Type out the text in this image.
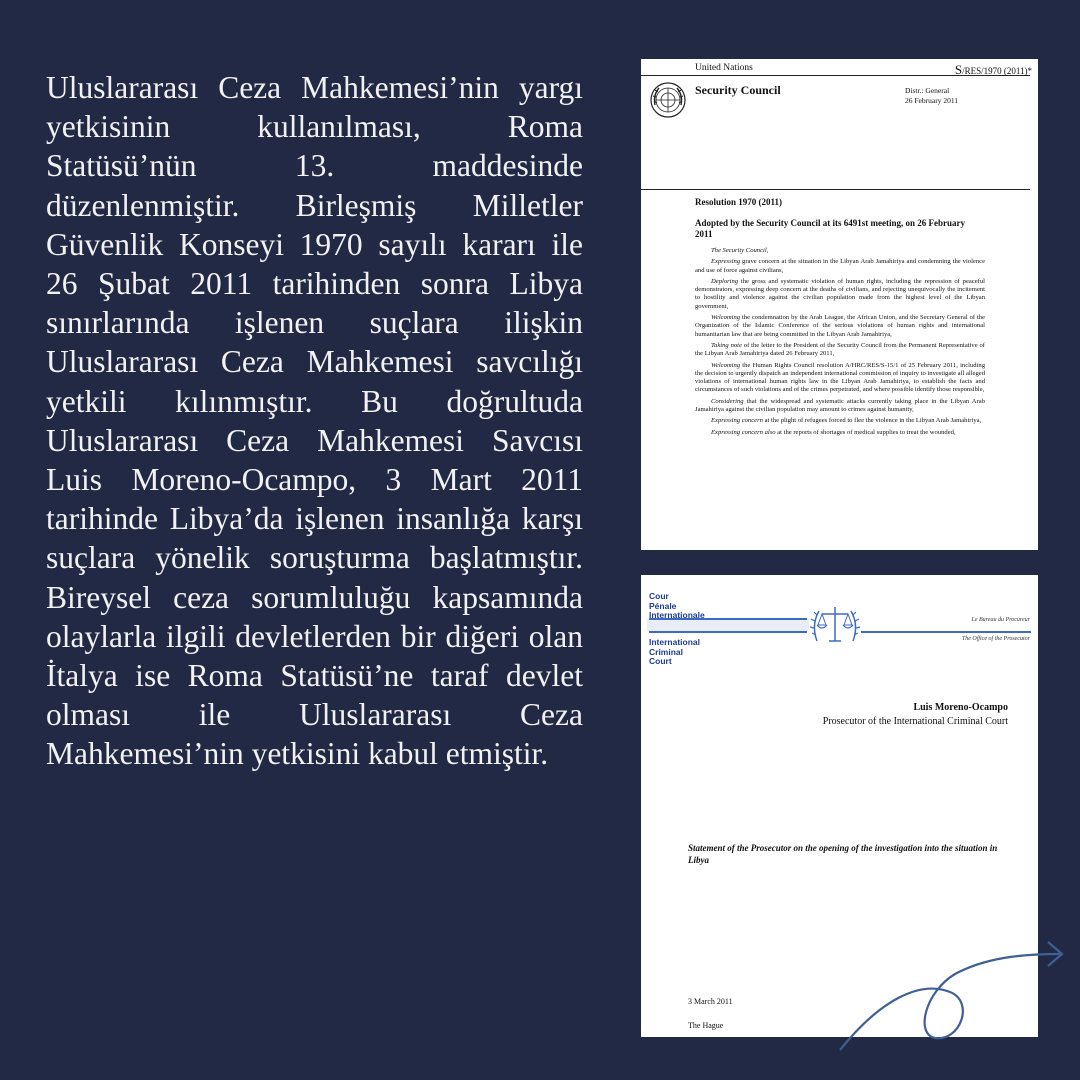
Uluslararası Ceza Mahkemesi’nin yargı yetkisinin kullanılması, Roma Statüsü’nün 13. maddesinde düzenlenmiştir. Birleşmiş Milletler Güvenlik Konseyi 1970 sayılı kararı ile 26 Şubat 2011 tarihinden sonra Libya sınırlarında işlenen suçlara ilişkin Uluslararası Ceza Mahkemesi savcılığı yetkili kılınmıştır. Bu doğrultuda Uluslararası Ceza Mahkemesi Savcısı Luis Moreno-Ocampo, 3 Mart 2011 tarihinde Libya’da işlenen insanlığa karşı suçlara yönelik soruşturma başlatmıştır. Bireysel ceza sorumluluğu kapsamında olaylarla ilgili devletlerden bir diğeri olan İtalya ise Roma Statüsü’ne taraf devlet olması ile Uluslararası Ceza Mahkemesi’nin yetkisini kabul etmiştir.

United Nations	S/RES/1970 (2011)*
Security Council	Distr.: General
26 February 2011
Resolution 1970 (2011)
Adopted by the Security Council at its 6491st meeting, on 26 February 2011

The Security Council,

Expressing grave concern at the situation in the Libyan Arab Jamahiriya and condemning the violence and use of force against civilians,

Deploring the gross and systematic violation of human rights, including the repression of peaceful demonstrators, expressing deep concern at the deaths of civilians, and rejecting unequivocally the incitement to hostility and violence against the civilian population made from the highest level of the Libyan government,

Welcoming the condemnation by the Arab League, the African Union, and the Secretary General of the Organization of the Islamic Conference of the serious violations of human rights and international humanitarian law that are being committed in the Libyan Arab Jamahiriya,

Taking note of the letter to the President of the Security Council from the Permanent Representative of the Libyan Arab Jamahiriya dated 26 February 2011,

Welcoming the Human Rights Council resolution A/HRC/RES/S-15/1 of 25 February 2011, including the decision to urgently dispatch an independent international commission of inquiry to investigate all alleged violations of international human rights law in the Libyan Arab Jamahiriya, to establish the facts and circumstances of such violations and of the crimes perpetrated, and where possible identify those responsible,

Considering that the widespread and systematic attacks currently taking place in the Libyan Arab Jamahiriya against the civilian population may amount to crimes against humanity,

Expressing concern at the plight of refugees forced to flee the violence in the Libyan Arab Jamahiriya,

Expressing concern also at the reports of shortages of medical supplies to treat the wounded,

Cour
Pénale
Internationale
International
Criminal
Court
Le Bureau du Procureur
The Office of the Prosecutor
Luis Moreno-Ocampo
Prosecutor of the International Criminal Court
Statement of the Prosecutor on the opening of the investigation into the situation in Libya
3 March 2011
The Hague
